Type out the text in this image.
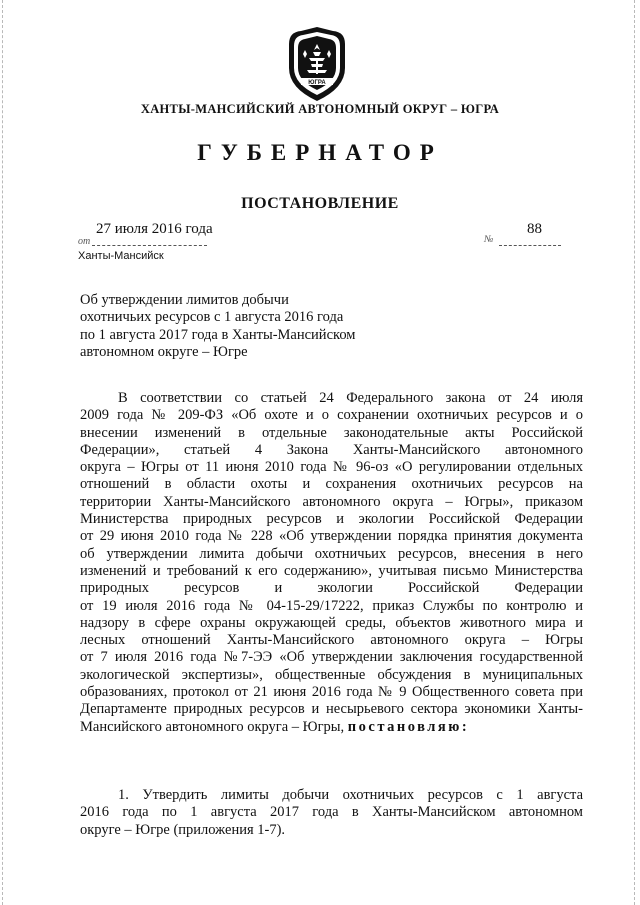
ЮГРА
ХАНТЫ-МАНСИЙСКИЙ АВТОНОМНЫЙ ОКРУГ – ЮГРА
ГУБЕРНАТОР
ПОСТАНОВЛЕНИЕ
от
27 июля 2016 года
№
88
Ханты-Мансийск
Об утверждении лимитов добычи
охотничьих ресурсов с 1 августа 2016 года
по 1 августа 2017 года в Ханты-Мансийском
автономном округе – Югре
В соответствии со статьей 24 Федерального закона от 24 июля
2009 года № 209-ФЗ «Об охоте и о сохранении охотничьих ресурсов и о
внесении изменений в отдельные законодательные акты Российской
Федерации», статьей 4 Закона Ханты-Мансийского автономного
округа – Югры от 11 июня 2010 года № 96-оз «О регулировании отдельных
отношений в области охоты и сохранения охотничьих ресурсов на
территории Ханты-Мансийского автономного округа – Югры», приказом
Министерства природных ресурсов и экологии Российской Федерации
от 29 июня 2010 года № 228 «Об утверждении порядка принятия документа
об утверждении лимита добычи охотничьих ресурсов, внесения в него
изменений и требований к его содержанию», учитывая письмо Министерства
природных ресурсов и экологии Российской Федерации
от 19 июля 2016 года № 04-15-29/17222, приказ Службы по контролю и
надзору в сфере охраны окружающей среды, объектов животного мира и
лесных отношений Ханты-Мансийского автономного округа – Югры
от 7 июля 2016 года №7-ЭЭ «Об утверждении заключения государственной
экологической экспертизы», общественные обсуждения в муниципальных
образованиях, протокол от 21 июня 2016 года № 9 Общественного совета при
Департаменте природных ресурсов и несырьевого сектора экономики Ханты-
Мансийского автономного округа – Югры, постановляю:
1. Утвердить лимиты добычи охотничьих ресурсов с 1 августа
2016 года по 1 августа 2017 года в Ханты-Мансийском автономном
округе – Югре (приложения 1-7).
